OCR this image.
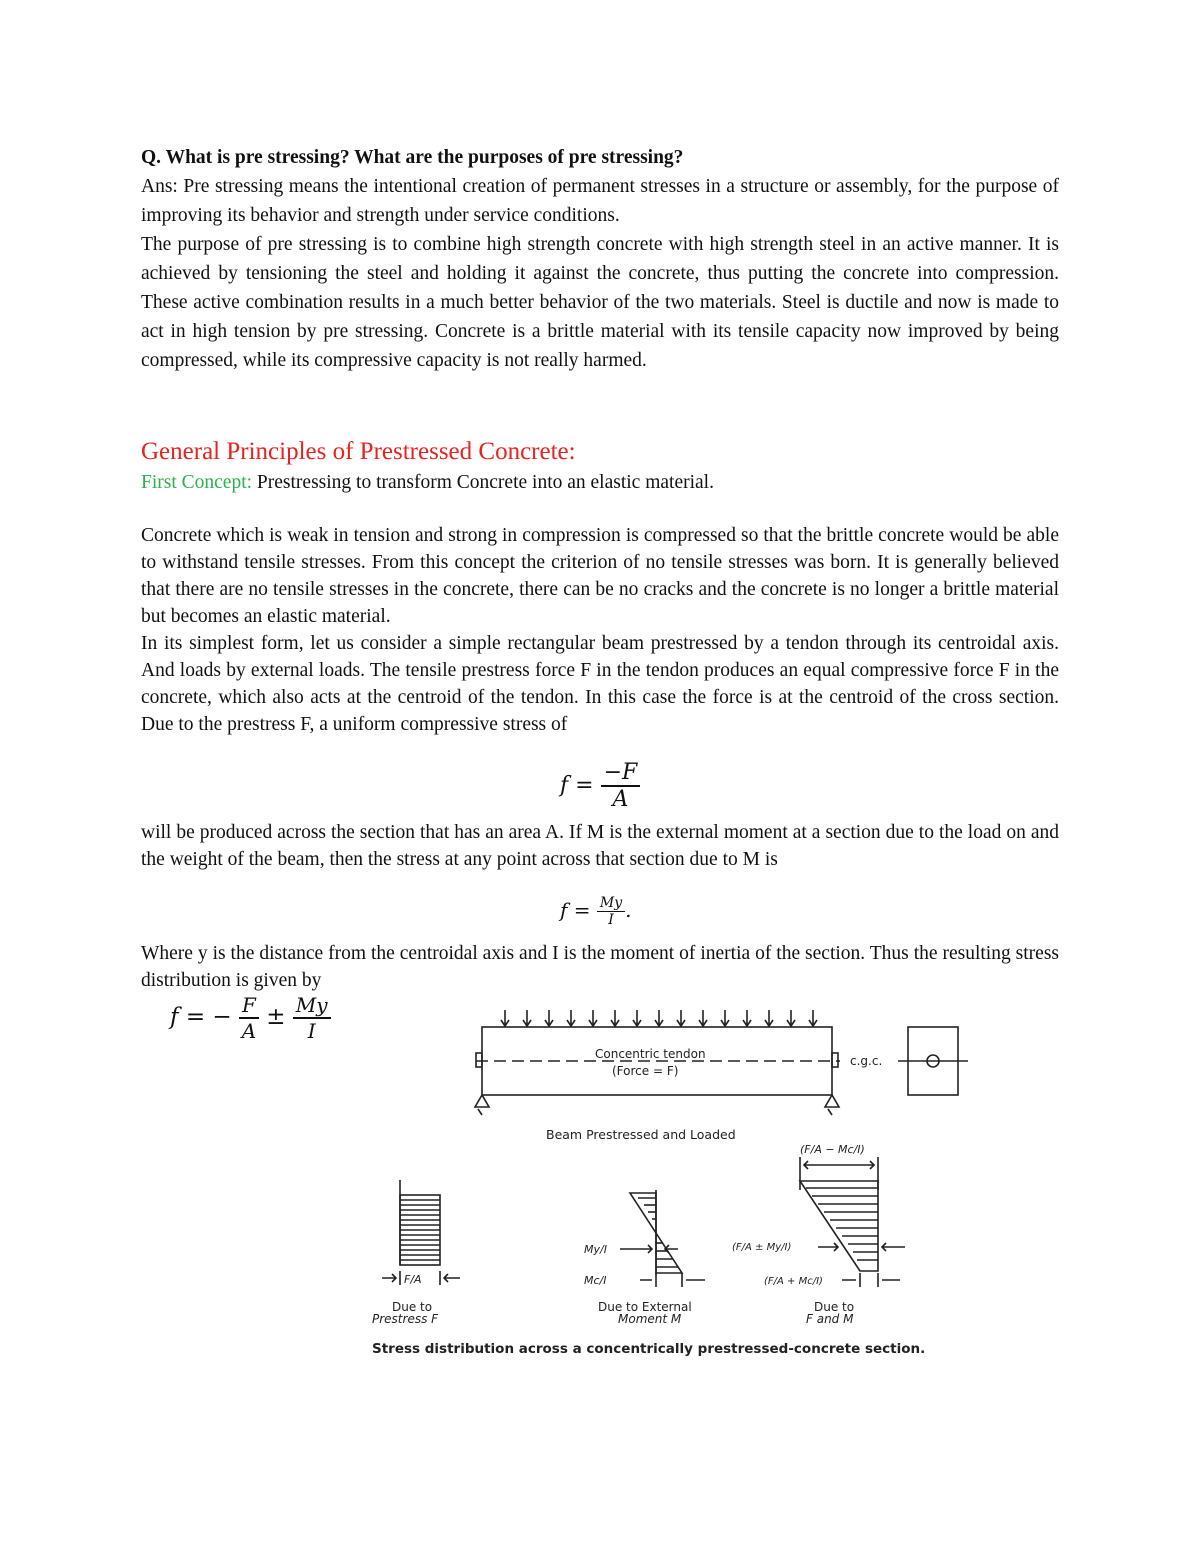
Q. What is pre stressing? What are the purposes of pre stressing?
Ans: Pre stressing means the intentional creation of permanent stresses in a structure or assembly, for the purpose of improving its behavior and strength under service conditions.
The purpose of pre stressing is to combine high strength concrete with high strength steel in an active manner. It is achieved by tensioning the steel and holding it against the concrete, thus putting the concrete into compression. These active combination results in a much better behavior of the two materials. Steel is ductile and now is made to act in high tension by pre stressing. Concrete is a brittle material with its tensile capacity now improved by being compressed, while its compressive capacity is not really harmed.
General Principles of Prestressed Concrete:
First Concept: Prestressing to transform Concrete into an elastic material.
Concrete which is weak in tension and strong in compression is compressed so that the brittle concrete would be able to withstand tensile stresses. From this concept the criterion of no tensile stresses was born. It is generally believed that there are no tensile stresses in the concrete, there can be no cracks and the concrete is no longer a brittle material but becomes an elastic material.
In its simplest form, let us consider a simple rectangular beam prestressed by a tendon through its centroidal axis. And loads by external loads. The tensile prestress force F in the tendon produces an equal compressive force F in the concrete, which also acts at the centroid of the tendon. In this case the force is at the centroid of the cross section. Due to the prestress F, a uniform compressive stress of
$f = \frac{-F}{A}$
will be produced across the section that has an area A. If M is the external moment at a section due to the load on and the weight of the beam, then the stress at any point across that section due to M is
$f = \frac{My}{I}$ .
Where y is the distance from the centroidal axis and I is the moment of inertia of the section. Thus the resulting stress distribution is given by
f = − $\frac{F}{A} \pm \frac{My}{I}$
Concentric tendon
(Force = F)
c.g.c.
Beam Prestressed and Loaded
F/A
My/I
Mc/I
(F/A − Mc/I)
(F/A ± My/I)
(F/A + Mc/I)
Due to
Prestress F
Due to External
Moment M
Due to
F and M
Stress distribution across a concentrically prestressed-concrete section.
